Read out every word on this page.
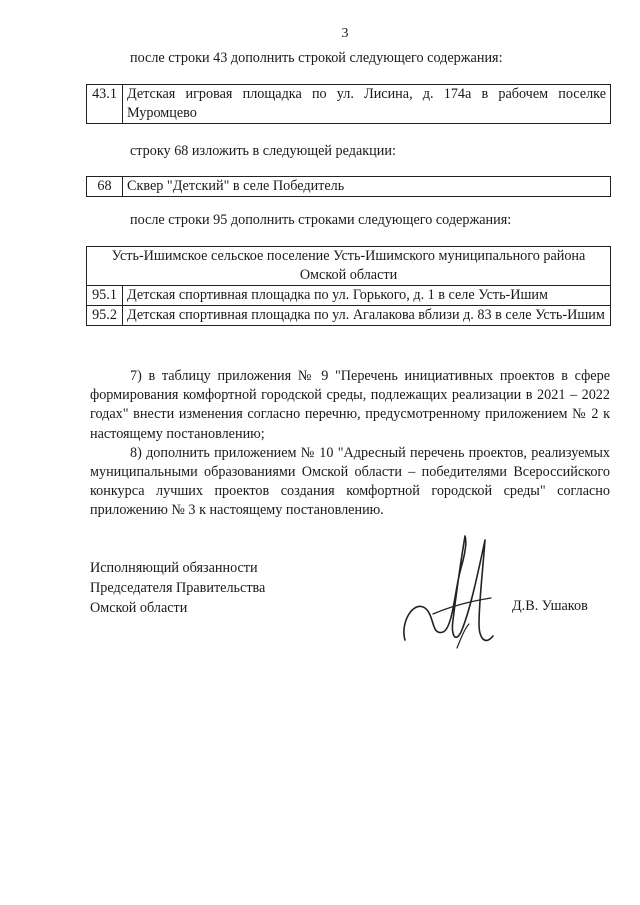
3
после строки 43 дополнить строкой следующего содержания:
43.1	Детская игровая площадка по ул. Лисина, д. 174а в рабочем поселке Муромцево
строку 68 изложить в следующей редакции:
68	Сквер "Детский" в селе Победитель
после строки 95 дополнить строками следующего содержания:
Усть-Ишимское сельское поселение Усть-Ишимского муниципального района Омской области	
95.1	Детская спортивная площадка по ул. Горького, д. 1 в селе Усть-Ишим
95.2	Детская спортивная площадка по ул. Агалакова вблизи д. 83 в селе Усть-Ишим

7) в таблицу приложения № 9 "Перечень инициативных проектов в сфере формирования комфортной городской среды, подлежащих реализации в 2021 – 2022 годах" внести изменения согласно перечню, предусмотренному приложением № 2 к настоящему постановлению;

8) дополнить приложением № 10 "Адресный перечень проектов, реализуемых муниципальными образованиями Омской области – победителями Всероссийского конкурса лучших проектов создания комфортной городской среды" согласно приложению № 3 к настоящему постановлению.

Исполняющий обязанности
Председателя Правительства
Омской области	Д.В. Ушаков
